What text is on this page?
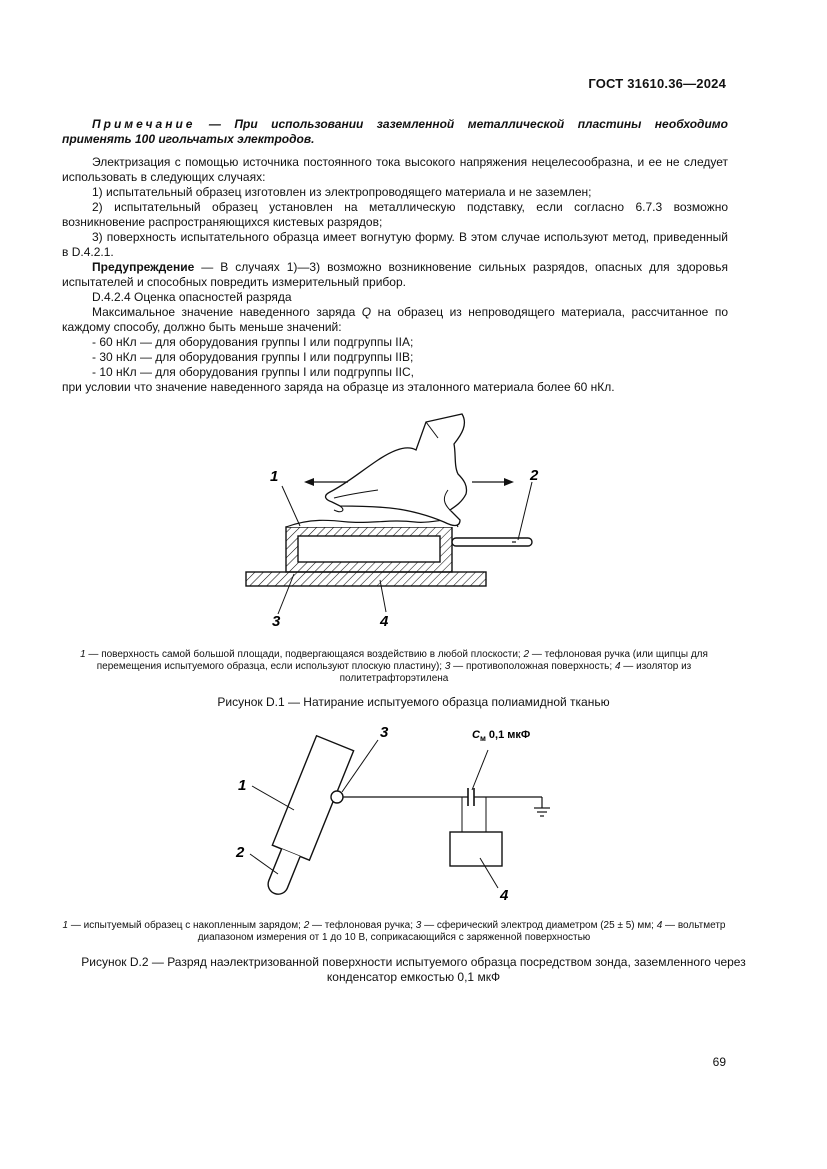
ГОСТ 31610.36—2024

Примечание — При использовании заземленной металлической пластины необходимо применять 100 игольчатых электродов.

Электризация с помощью источника постоянного тока высокого напряжения нецелесообразна, и ее не следует использовать в следующих случаях:

1) испытательный образец изготовлен из электропроводящего материала и не заземлен;

2) испытательный образец установлен на металлическую подставку, если согласно 6.7.3 возможно возникновение распространяющихся кистевых разрядов;

3) поверхность испытательного образца имеет вогнутую форму. В этом случае используют метод, приведенный в D.4.2.1.

Предупреждение — В случаях 1)—3) возможно возникновение сильных разрядов, опасных для здоровья испытателей и способных повредить измерительный прибор.

D.4.2.4 Оценка опасностей разряда

Максимальное значение наведенного заряда Q на образец из непроводящего материала, рассчитанное по каждому способу, должно быть меньше значений:

- 60 нКл — для оборудования группы I или подгруппы IIA;

- 30 нКл — для оборудования группы I или подгруппы IIB;

- 10 нКл — для оборудования группы I или подгруппы IIC,

при условии что значение наведенного заряда на образце из эталонного материала более 60 нКл.

1	2
3	4
1 — поверхность самой большой площади, подвергающаяся воздействию в любой плоскости; 2 — тефлоновая ручка (или щипцы для перемещения испытуемого образца, если используют плоскую пластину); 3 — противоположная поверхность; 4 — изолятор из политетрафторэтилена
Рисунок D.1 — Натирание испытуемого образца полиамидной тканью
$C_м$ 0,1 мкФ
1
2
3
4
1 — испытуемый образец с накопленным зарядом; 2 — тефлоновая ручка; 3 — сферический электрод диаметром (25 ± 5) мм; 4 — вольтметр диапазоном измерения от 1 до 10 В, соприкасающийся с заряженной поверхностью
Рисунок D.2 — Разряд наэлектризованной поверхности испытуемого образца посредством зонда, заземленного через конденсатор емкостью 0,1 мкФ
69
